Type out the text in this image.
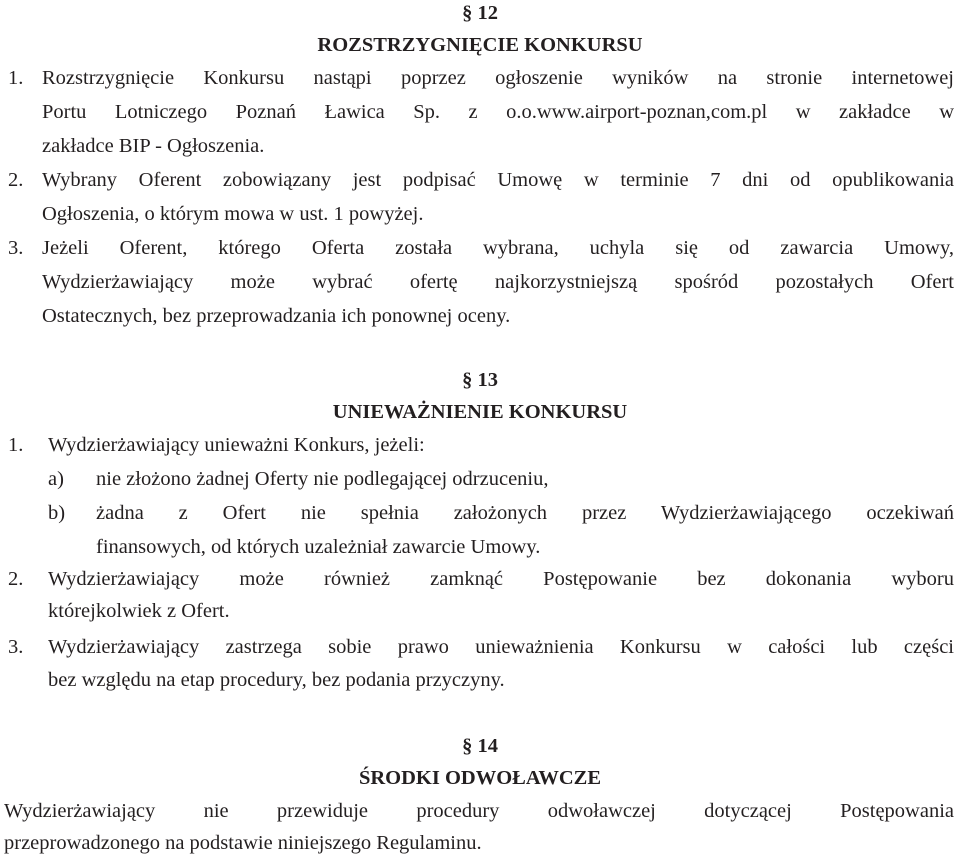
§ 12
ROZSTRZYGNIĘCIE KONKURSU
1. Rozstrzygnięcie Konkursu nastąpi poprzez ogłoszenie wyników na stronie internetowej
Portu Lotniczego Poznań Ławica Sp. z o.o.www.airport-poznan,com.pl w zakładce w
zakładce BIP - Ogłoszenia.
2. Wybrany Oferent zobowiązany jest podpisać Umowę w terminie 7 dni od opublikowania
Ogłoszenia, o którym mowa w ust. 1 powyżej.
3. Jeżeli Oferent, którego Oferta została wybrana, uchyla się od zawarcia Umowy,
Wydzierżawiający może wybrać ofertę najkorzystniejszą spośród pozostałych Ofert
Ostatecznych, bez przeprowadzania ich ponownej oceny.
§ 13
UNIEWAŻNIENIE KONKURSU
1. Wydzierżawiający unieważni Konkurs, jeżeli:
a) nie złożono żadnej Oferty nie podlegającej odrzuceniu,
b) żadna z Ofert nie spełnia założonych przez Wydzierżawiającego oczekiwań
finansowych, od których uzależniał zawarcie Umowy.
2. Wydzierżawiający może również zamknąć Postępowanie bez dokonania wyboru
którejkolwiek z Ofert.
3. Wydzierżawiający zastrzega sobie prawo unieważnienia Konkursu w całości lub części
bez względu na etap procedury, bez podania przyczyny.
§ 14
ŚRODKI ODWOŁAWCZE
Wydzierżawiający nie przewiduje procedury odwoławczej dotyczącej Postępowania
przeprowadzonego na podstawie niniejszego Regulaminu.
